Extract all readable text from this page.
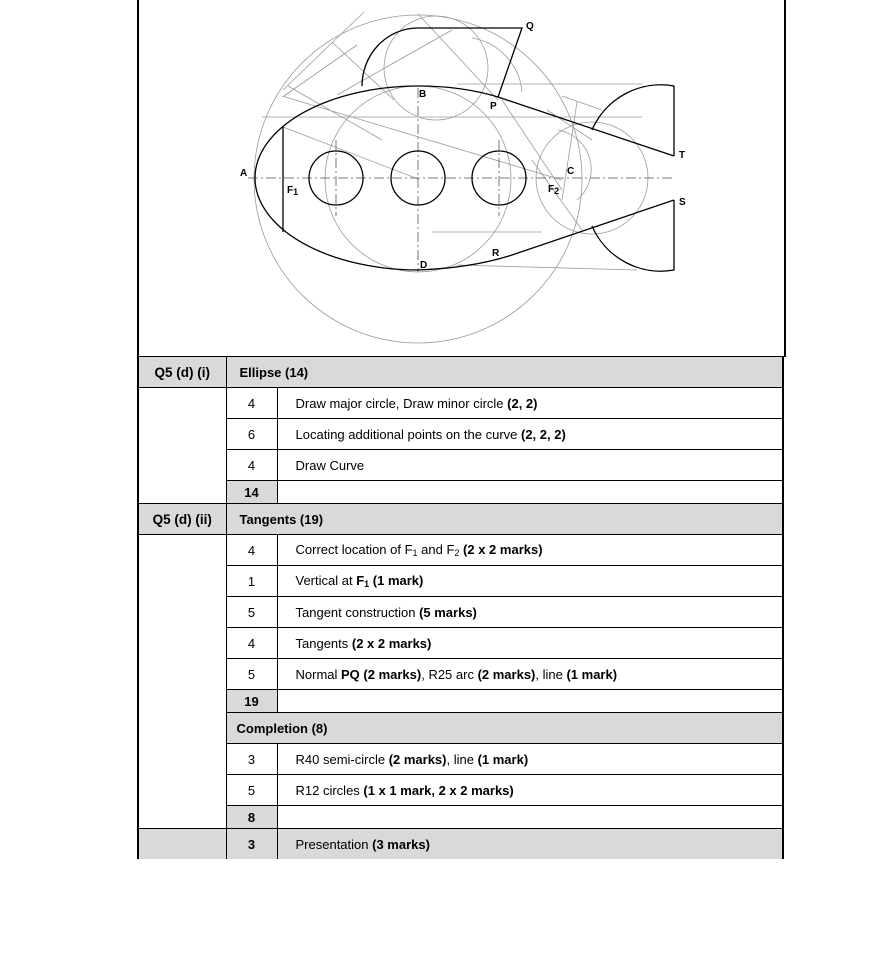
Q
B
P
T
A	C
F1	F2
S
R
D
Q5 (d) (i)	Ellipse (14)	
	4	Draw major circle, Draw minor circle (2, 2)
	6	Locating additional points on the curve (2, 2, 2)
	4	Draw Curve
	14	
Q5 (d) (ii)	Tangents (19)	
	4	Correct location of $F_1$ and $F_2$ (2 x 2 marks)
	1	Vertical at $F_1$ (1 mark)
	5	Tangent construction (5 marks)
	4	Tangents (2 x 2 marks)
	5	Normal PQ (2 marks), R25 arc (2 marks), line (1 mark)
	19	
	Completion (8)	
	3	R40 semi-circle (2 marks), line (1 mark)
	5	R12 circles (1 x 1 mark, 2 x 2 marks)
	8	
	3	Presentation (3 marks)
